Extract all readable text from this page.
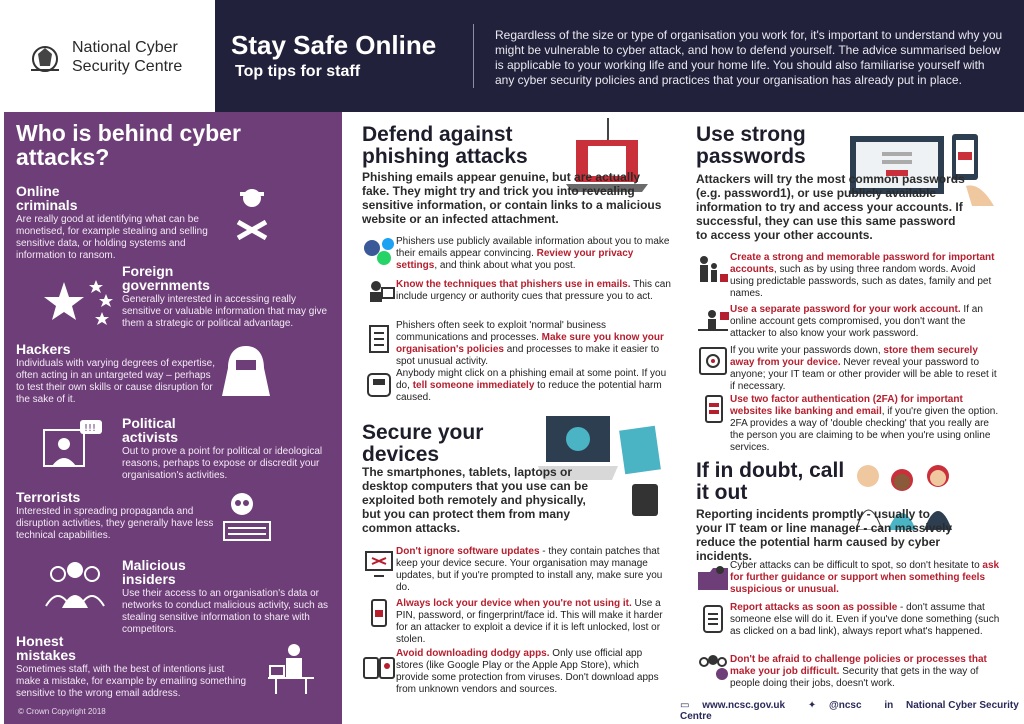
National Cyber
Security Centre
Stay Safe Online
Top tips for staff
Regardless of the size or type of organisation you work for, it's important to understand why you might be vulnerable to cyber attack, and how to defend yourself. The advice summarised below is applicable to your working life and your home life. You should also familiarise yourself with any cyber security policies and practices that your organisation has already put in place.
Who is behind cyber attacks?
Online criminals
Are really good at identifying what can be monetised, for example stealing and selling sensitive data, or holding systems and information to ransom.
Foreign governments
Generally interested in accessing really sensitive or valuable information that may give them a strategic or political advantage.
Hackers
Individuals with varying degrees of expertise, often acting in an untargeted way – perhaps to test their own skills or cause disruption for the sake of it.
!!! Political activists
Out to prove a point for political or ideological reasons, perhaps to expose or discredit your organisation's activities.
Terrorists
Interested in spreading propaganda and disruption activities, they generally have less technical capabilities.
Malicious insiders
Use their access to an organisation's data or networks to conduct malicious activity, such as stealing sensitive information to share with competitors.
Honest mistakes
Sometimes staff, with the best of intentions just make a mistake, for example by emailing something sensitive to the wrong email address.
© Crown Copyright 2018
Defend against phishing attacks
Phishing emails appear genuine, but are actually fake. They might try and trick you into revealing sensitive information, or contain links to a malicious website or an infected attachment.
Phishers use publicly available information about you to make their emails appear convincing. Review your privacy settings, and think about what you post.
Know the techniques that phishers use in emails. This can include urgency or authority cues that pressure you to act.
Phishers often seek to exploit 'normal' business communications and processes. Make sure you know your organisation's policies and processes to make it easier to spot unusual activity.
Anybody might click on a phishing email at some point. If you do, tell someone immediately to reduce the potential harm caused.
Secure your devices
The smartphones, tablets, laptops or desktop computers that you use can be exploited both remotely and physically, but you can protect them from many common attacks.
Don't ignore software updates - they contain patches that keep your device secure. Your organisation may manage updates, but if you're prompted to install any, make sure you do.
Always lock your device when you're not using it. Use a PIN, password, or fingerprint/face id. This will make it harder for an attacker to exploit a device if it is left unlocked, lost or stolen.
Avoid downloading dodgy apps. Only use official app stores (like Google Play or the Apple App Store), which provide some protection from viruses. Don't download apps from unknown vendors and sources.
Use strong passwords
Attackers will try the most common passwords (e.g. password1), or use publicly available information to try and access your accounts. If successful, they can use this same password to access your other accounts.
Create a strong and memorable password for important accounts, such as by using three random words. Avoid using predictable passwords, such as dates, family and pet names.
Use a separate password for your work account. If an online account gets compromised, you don't want the attacker to also know your work password.
If you write your passwords down, store them securely away from your device. Never reveal your password to anyone; your IT team or other provider will be able to reset it if necessary.
Use two factor authentication (2FA) for important websites like banking and email, if you're given the option. 2FA provides a way of 'double checking' that you really are the person you are claiming to be when you're using online services.
If in doubt, call it out
Reporting incidents promptly - usually to your IT team or line manager - can massively reduce the potential harm caused by cyber incidents.
Cyber attacks can be difficult to spot, so don't hesitate to ask for further guidance or support when something feels suspicious or unusual.
Report attacks as soon as possible - don't assume that someone else will do it. Even if you've done something (such as clicked on a bad link), always report what's happened.
Don't be afraid to challenge policies or processes that make your job difficult. Security that gets in the way of people doing their jobs, doesn't work.
▭ www.ncsc.gov.uk ✦ @ncsc in National Cyber Security Centre
